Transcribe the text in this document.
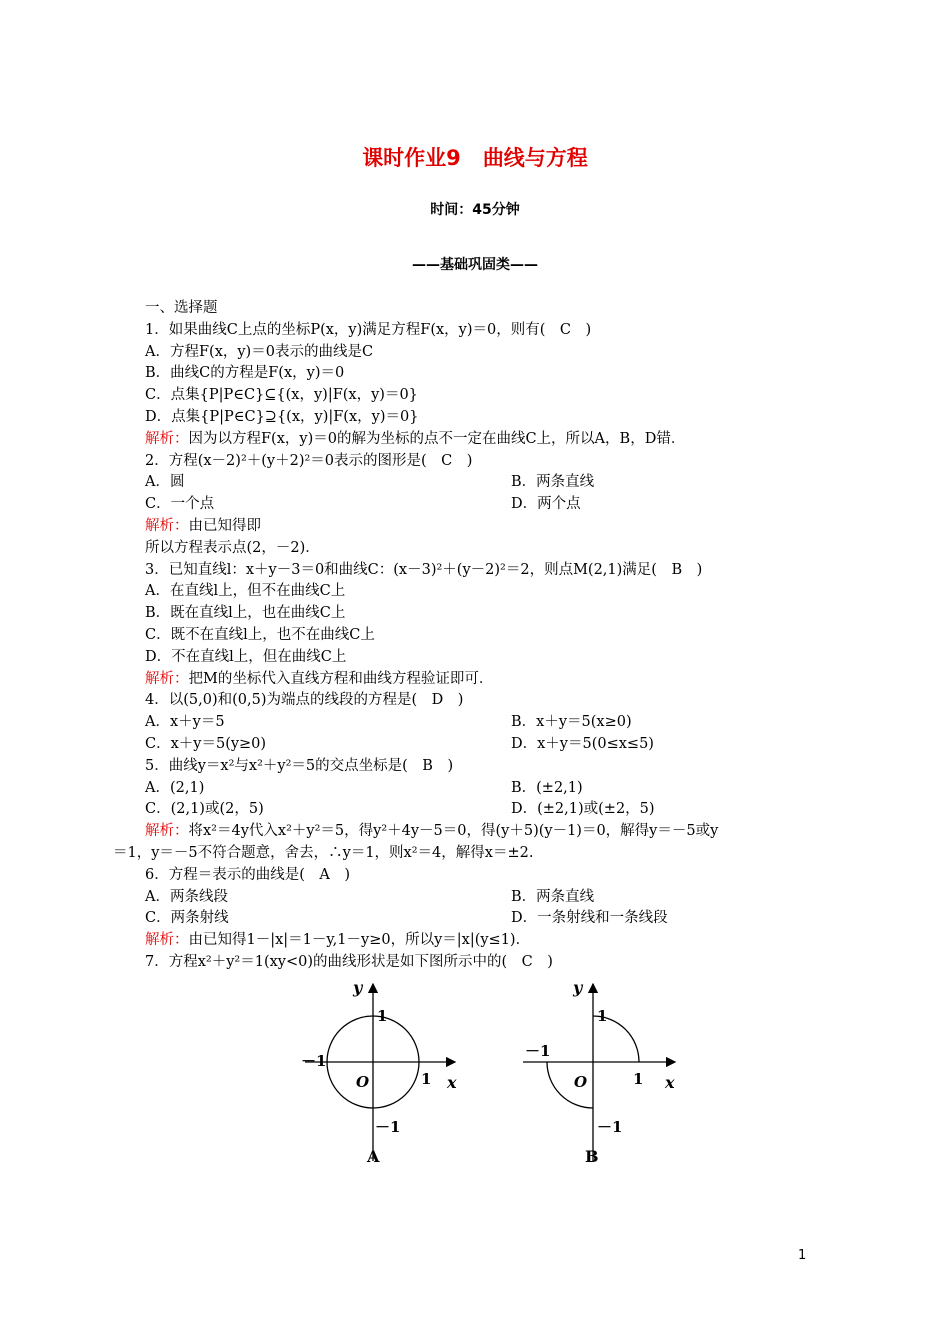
课时作业9 曲线与方程
时间：45分钟
——基础巩固类——
一、选择题
1．如果曲线C上点的坐标P(x，y)满足方程F(x，y)＝0，则有(　C　)
A．方程F(x，y)＝0表示的曲线是C
B．曲线C的方程是F(x，y)＝0
C．点集{P|P∈C}⊆{(x，y)|F(x，y)＝0}
D．点集{P|P∈C}⊇{(x，y)|F(x，y)＝0}
解析：因为以方程F(x，y)＝0的解为坐标的点不一定在曲线C上，所以A，B，D错．
2．方程(x－2)²＋(y＋2)²＝0表示的图形是(　C　)
A．圆	B．两条直线
C．一个点	D．两个点
解析：由已知得即
所以方程表示点(2，－2)．
3．已知直线l：x＋y－3＝0和曲线C：(x－3)²＋(y－2)²＝2，则点M(2,1)满足(　B　)
A．在直线l上，但不在曲线C上
B．既在直线l上，也在曲线C上
C．既不在直线l上，也不在曲线C上
D．不在直线l上，但在曲线C上
解析：把M的坐标代入直线方程和曲线方程验证即可．
4．以(5,0)和(0,5)为端点的线段的方程是(　D　)
A．x＋y＝5	B．x＋y＝5(x≥0)
C．x＋y＝5(y≥0)	D．x＋y＝5(0≤x≤5)
5．曲线y＝x²与x²＋y²＝5的交点坐标是(　B　)
A．(2,1)	B．(±2,1)
C．(2,1)或(2，5)	D．(±2,1)或(±2，5)
解析：将x²＝4y代入x²＋y²＝5，得y²＋4y－5＝0，得(y＋5)(y－1)＝0，解得y＝－5或y
＝1，y＝－5不符合题意，舍去，∴y＝1，则x²＝4，解得x＝±2.
6．方程＝表示的曲线是(　A　)
A．两条线段	B．两条直线
C．两条射线	D．一条射线和一条线段
解析：由已知得1－|x|＝1－y,1－y≥0，所以y＝|x|(y≤1)．
7．方程x²＋y²＝1(xy<0)的曲线形状是如下图所示中的(　C　)
y
x
O
1
1
－1
－1
A
y
x
O
1
1
－1
－1
B
1
